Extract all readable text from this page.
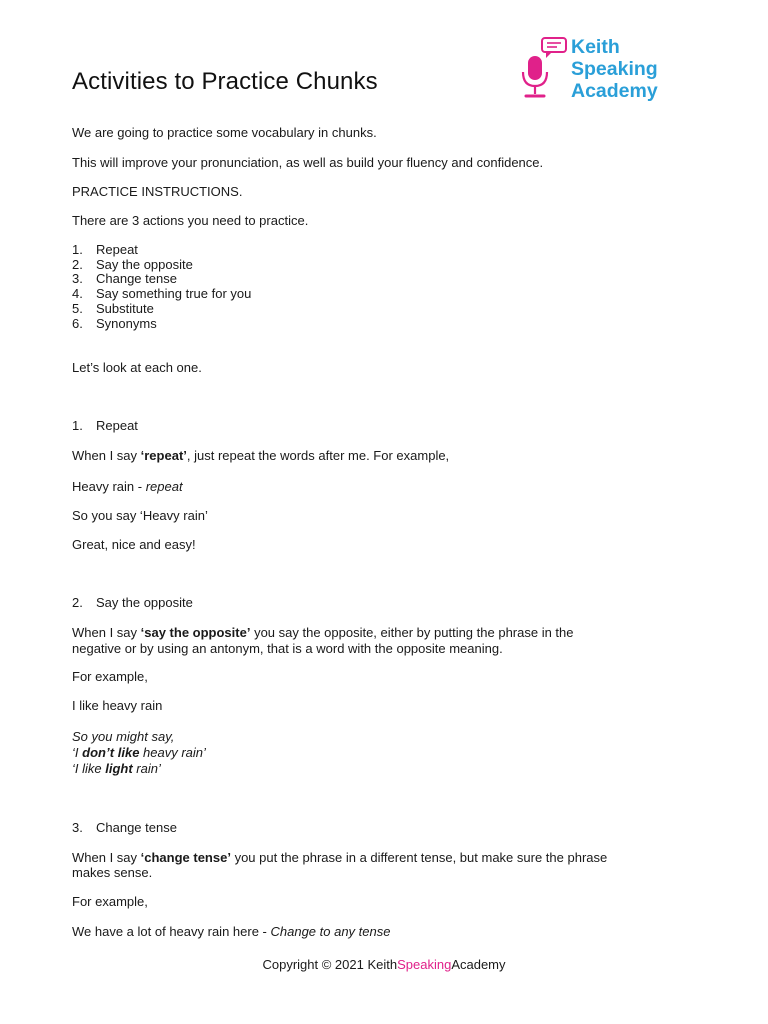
Activities to Practice Chunks
Keith
Speaking
Academy
We are going to practice some vocabulary in chunks.
This will improve your pronunciation, as well as build your fluency and confidence.
PRACTICE INSTRUCTIONS.
There are 3 actions you need to practice.
1.	Repeat
2.	Say the opposite
3.	Change tense
4.	Say something true for you
5.	Substitute
6.	Synonyms
Let’s look at each one.
1. Repeat
When I say ‘repeat’, just repeat the words after me. For example,
Heavy rain - repeat
So you say ‘Heavy rain’
Great, nice and easy!
2. Say the opposite
When I say ‘say the opposite’ you say the opposite, either by putting the phrase in the
negative or by using an antonym, that is a word with the opposite meaning.
For example,
I like heavy rain
So you might say,
‘I don’t like heavy rain’
‘I like light rain’
3. Change tense
When I say ‘change tense’ you put the phrase in a different tense, but make sure the phrase
makes sense.
For example,
We have a lot of heavy rain here - Change to any tense
Copyright © 2021 KeithSpeakingAcademy
